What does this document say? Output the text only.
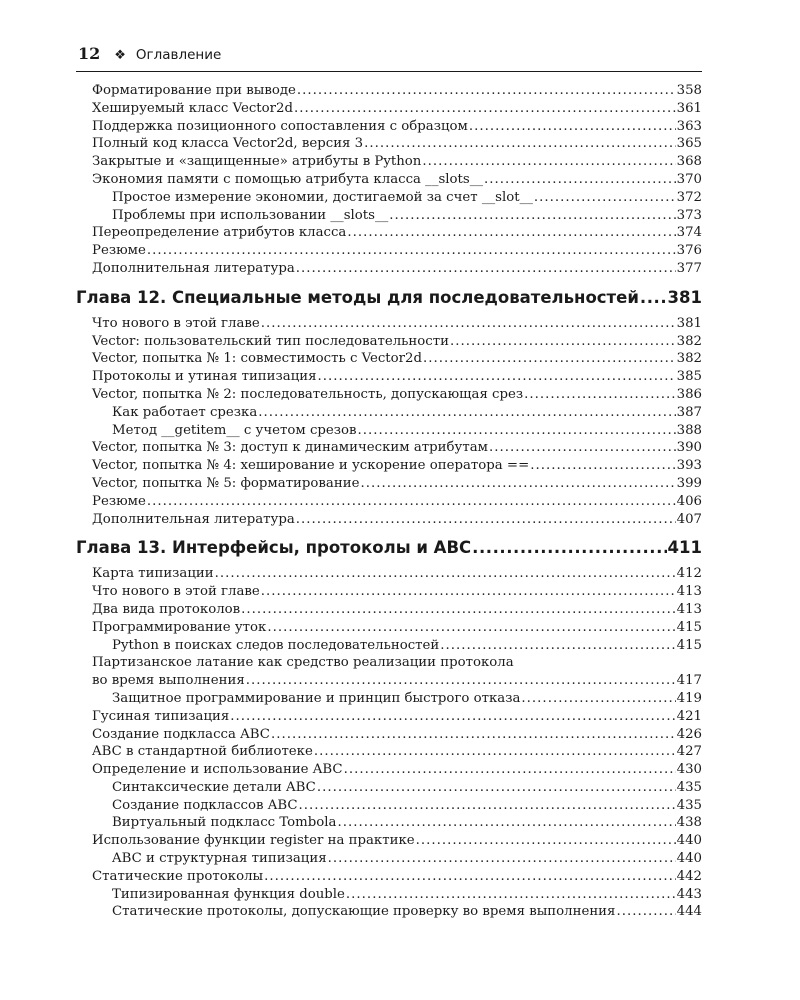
12 ❖ Оглавление
Форматирование при выводе . . .	358
Хешируемый класс Vector2d . . .	361
Поддержка позиционного сопоставления с образцом . . .	363
Полный код класса Vector2d, версия 3 . . .	365
Закрытые и «защищенные» атрибуты в Python . . .	368
Экономия памяти с помощью атрибута класса __slots__ . . .	370
Простое измерение экономии, достигаемой за счет __slot__ . . .	372
Проблемы при использовании __slots__ . . .	373
Переопределение атрибутов класса . . .	374
Резюме . . .	376
Дополнительная литература . . .	377
Глава 12. Специальные методы для последовательностей . . . 381
Что нового в этой главе . . .	381
Vector: пользовательский тип последовательности . . .	382
Vector, попытка № 1: совместимость с Vector2d . . .	382
Протоколы и утиная типизация . . .	385
Vector, попытка № 2: последовательность, допускающая срез . . .	386
Как работает срезка . . .	387
Метод __getitem__ с учетом срезов . . .	388
Vector, попытка № 3: доступ к динамическим атрибутам . . .	390
Vector, попытка № 4: хеширование и ускорение оператора == . . .	393
Vector, попытка № 5: форматирование . . .	399
Резюме . . .	406
Дополнительная литература . . .	407
Глава 13. Интерфейсы, протоколы и ABC . . .	411
Карта типизации . . .	412
Что нового в этой главе . . .	413
Два вида протоколов . . .	413
Программирование уток . . .	415
Python в поисках следов последовательностей . . .	415
Партизанское латание как средство реализации протокола
во время выполнения . . .	417
Защитное программирование и принцип быстрого отказа . . .	419
Гусиная типизация . . .	421
Создание подкласса ABC . . .	426
ABC в стандартной библиотеке . . .	427
Определение и использование ABC . . .	430
Синтаксические детали ABC . . .	435
Создание подклассов ABC . . .	435
Виртуальный подкласс Tombola . . .	438
Использование функции register на практике . . .	440
ABC и структурная типизация . . .	440
Статические протоколы . . .	442
Типизированная функция double . . .	443
Статические протоколы, допускающие проверку во время выполнения . . .	444
